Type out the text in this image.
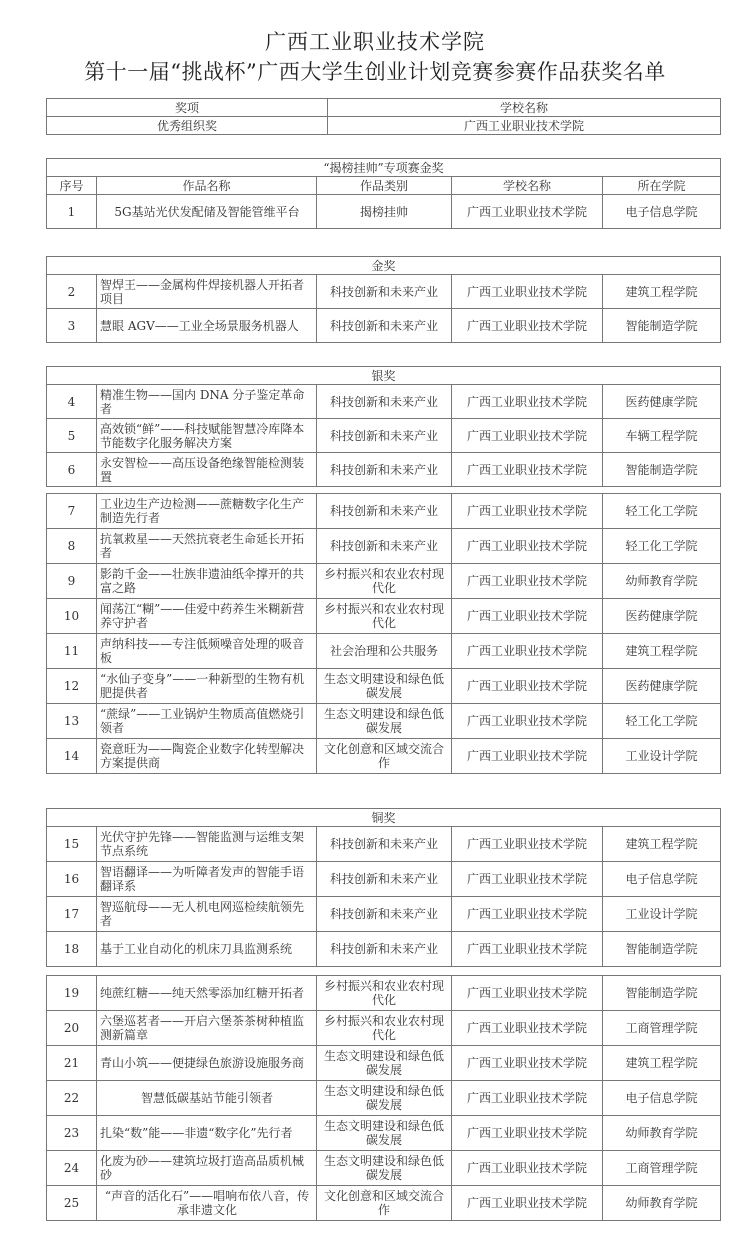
广西工业职业技术学院
第十一届“挑战杯”广西大学生创业计划竞赛参赛作品获奖名单
奖项	学校名称
优秀组织奖	广西工业职业技术学院
“揭榜挂帅”专项赛金奖				
序号	作品名称	作品类别	学校名称	所在学院
1	5G基站光伏发配储及智能管维平台	揭榜挂帅	广西工业职业技术学院	电子信息学院
金奖				
2	智焊王——金属构件焊接机器人开拓者项目	科技创新和未来产业	广西工业职业技术学院	建筑工程学院
3	慧眼 AGV——工业全场景服务机器人	科技创新和未来产业	广西工业职业技术学院	智能制造学院
银奖				
4	精准生物——国内 DNA 分子鉴定革命者	科技创新和未来产业	广西工业职业技术学院	医药健康学院
5	高效锁“鲜”——科技赋能智慧冷库降本节能数字化服务解决方案	科技创新和未来产业	广西工业职业技术学院	车辆工程学院
6	永安智检——高压设备绝缘智能检测装置	科技创新和未来产业	广西工业职业技术学院	智能制造学院
7	工业边生产边检测——蔗糖数字化生产制造先行者	科技创新和未来产业	广西工业职业技术学院	轻工化工学院
8	抗氧救星——天然抗衰老生命延长开拓者	科技创新和未来产业	广西工业职业技术学院	轻工化工学院
9	影韵千金——壮族非遗油纸伞撑开的共富之路	乡村振兴和农业农村现代化	广西工业职业技术学院	幼师教育学院
10	闻荡江“糊”——佳爱中药养生米糊新营养守护者	乡村振兴和农业农村现代化	广西工业职业技术学院	医药健康学院
11	声纳科技——专注低频噪音处理的吸音板	社会治理和公共服务	广西工业职业技术学院	建筑工程学院
12	“水仙子变身”——一种新型的生物有机肥提供者	生态文明建设和绿色低碳发展	广西工业职业技术学院	医药健康学院
13	“蔗绿”——工业锅炉生物质高值燃烧引领者	生态文明建设和绿色低碳发展	广西工业职业技术学院	轻工化工学院
14	瓷意旺为——陶瓷企业数字化转型解决方案提供商	文化创意和区域交流合作	广西工业职业技术学院	工业设计学院
铜奖				
15	光伏守护先锋——智能监测与运维支架节点系统	科技创新和未来产业	广西工业职业技术学院	建筑工程学院
16	智语翻译——为听障者发声的智能手语翻译系	科技创新和未来产业	广西工业职业技术学院	电子信息学院
17	智巡航母——无人机电网巡检续航领先者	科技创新和未来产业	广西工业职业技术学院	工业设计学院
18	基于工业自动化的机床刀具监测系统	科技创新和未来产业	广西工业职业技术学院	智能制造学院
19	纯蔗红糖——纯天然零添加红糖开拓者	乡村振兴和农业农村现代化	广西工业职业技术学院	智能制造学院
20	六堡巡茗者——开启六堡茶茶树种植监测新篇章	乡村振兴和农业农村现代化	广西工业职业技术学院	工商管理学院
21	青山小筑——便捷绿色旅游设施服务商	生态文明建设和绿色低碳发展	广西工业职业技术学院	建筑工程学院
22	智慧低碳基站节能引领者	生态文明建设和绿色低碳发展	广西工业职业技术学院	电子信息学院
23	扎染“数”能——非遗“数字化”先行者	生态文明建设和绿色低碳发展	广西工业职业技术学院	幼师教育学院
24	化废为砂——建筑垃圾打造高品质机械砂	生态文明建设和绿色低碳发展	广西工业职业技术学院	工商管理学院
25	“声音的活化石”——唱响布依八音，传承非遗文化	文化创意和区域交流合作	广西工业职业技术学院	幼师教育学院
